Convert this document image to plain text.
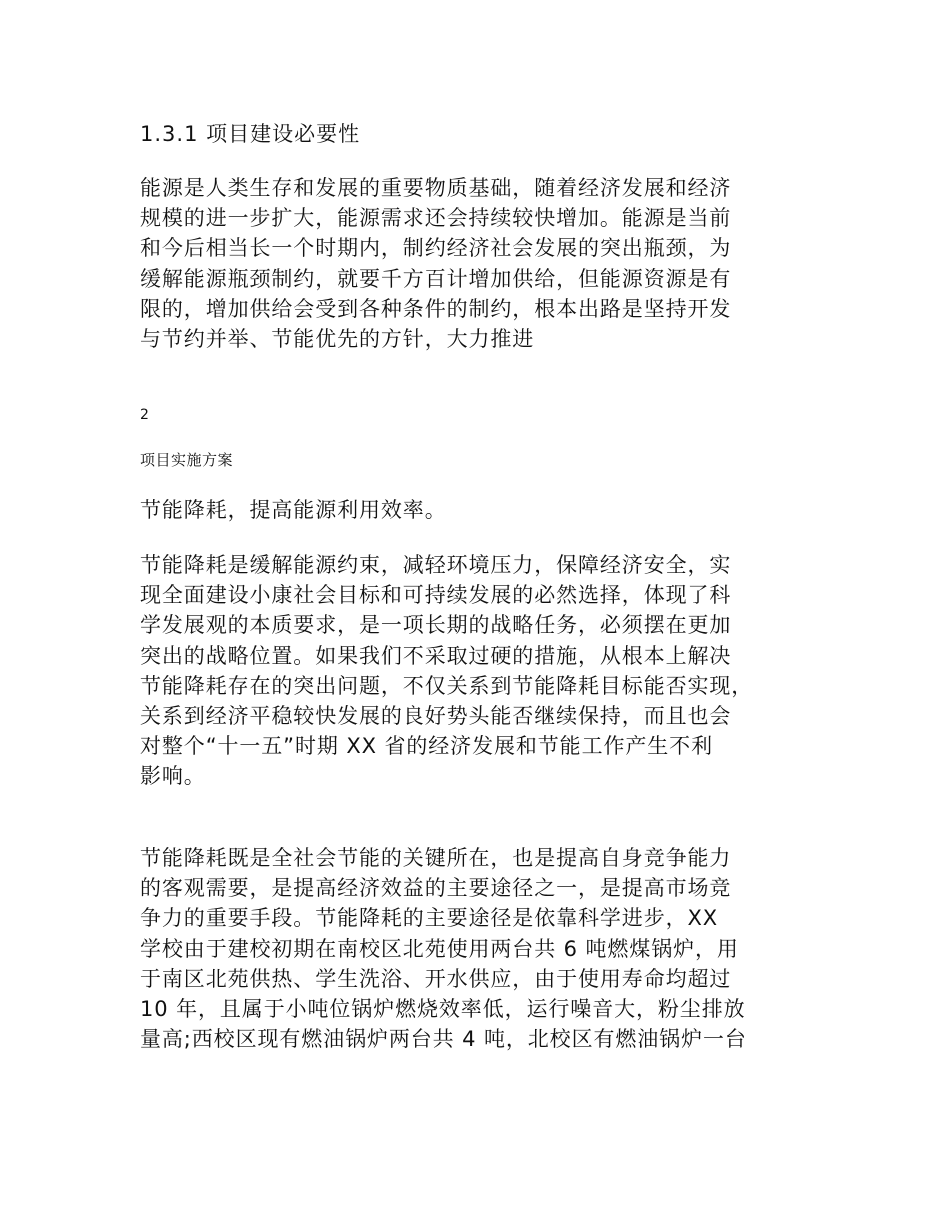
1.3.1 项目建设必要性

能源是人类生存和发展的重要物质基础，随着经济发展和经济
规模的进一步扩大，能源需求还会持续较快增加。能源是当前
和今后相当长一个时期内，制约经济社会发展的突出瓶颈，为
缓解能源瓶颈制约，就要千方百计增加供给，但能源资源是有
限的，增加供给会受到各种条件的制约，根本出路是坚持开发
与节约并举、节能优先的方针，大力推进

2
项目实施方案

节能降耗，提高能源利用效率。

节能降耗是缓解能源约束，减轻环境压力，保障经济安全，实
现全面建设小康社会目标和可持续发展的必然选择，体现了科
学发展观的本质要求，是一项长期的战略任务，必须摆在更加
突出的战略位置。如果我们不采取过硬的措施，从根本上解决
节能降耗存在的突出问题，不仅关系到节能降耗目标能否实现，
关系到经济平稳较快发展的良好势头能否继续保持，而且也会
对整个“十一五”时期 XX 省的经济发展和节能工作产生不利
影响。

节能降耗既是全社会节能的关键所在，也是提高自身竞争能力
的客观需要，是提高经济效益的主要途径之一，是提高市场竞
争力的重要手段。节能降耗的主要途径是依靠科学进步，XX
学校由于建校初期在南校区北苑使用两台共 6 吨燃煤锅炉，用
于南区北苑供热、学生洗浴、开水供应，由于使用寿命均超过
10 年，且属于小吨位锅炉燃烧效率低，运行噪音大，粉尘排放
量高;西校区现有燃油锅炉两台共 4 吨，北校区有燃油锅炉一台
